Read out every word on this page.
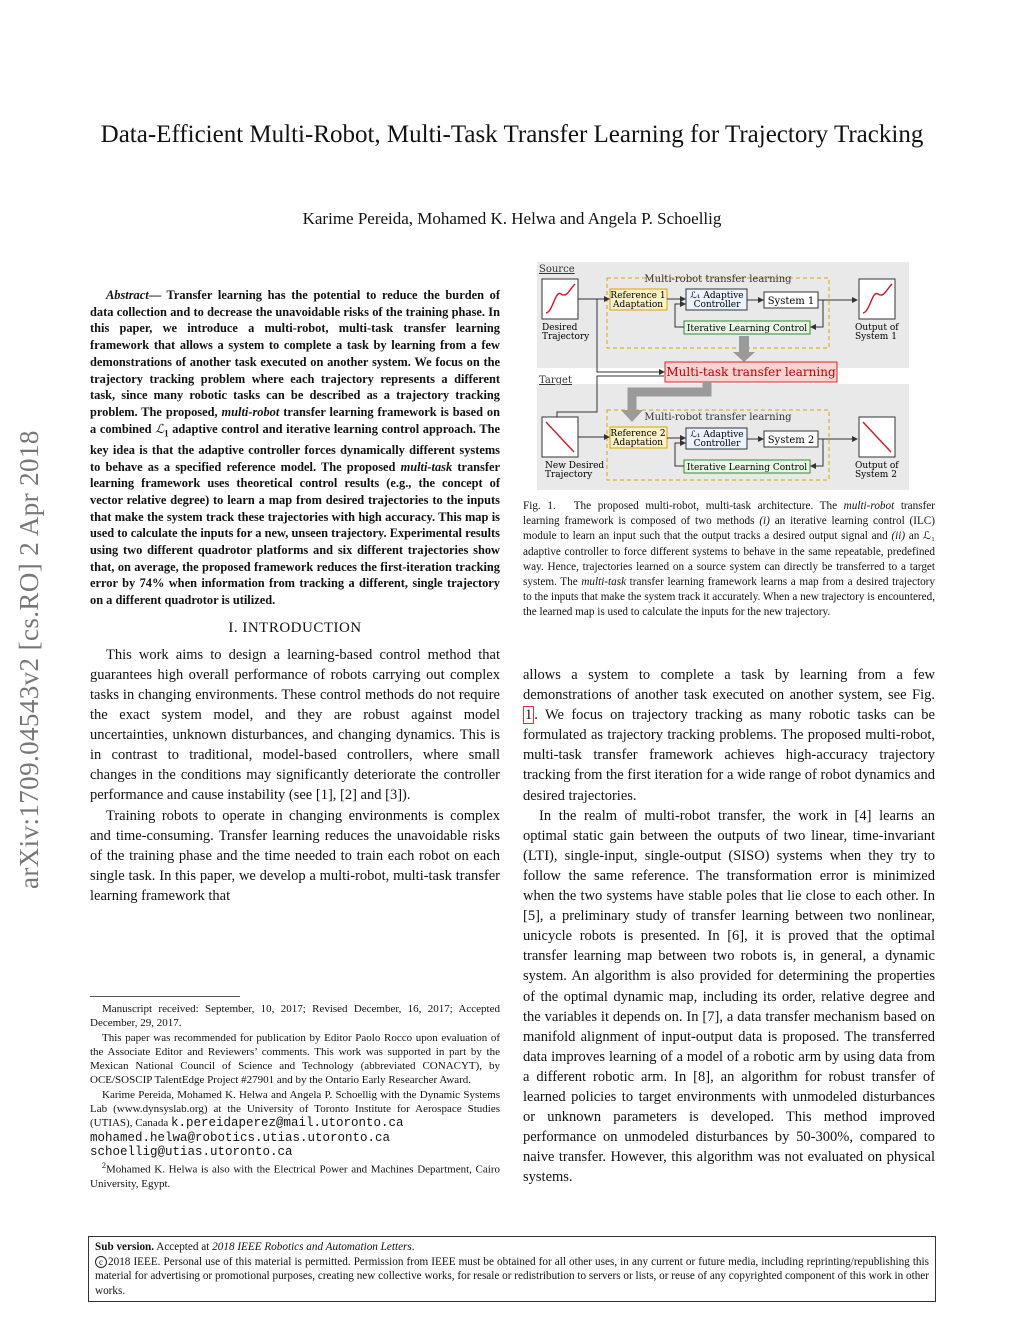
arXiv:1709.04543v2 [cs.RO] 2 Apr 2018
Data-Efficient Multi-Robot, Multi-Task Transfer Learning for Trajectory Tracking
Karime Pereida, Mohamed K. Helwa and Angela P. Schoellig

Abstract— Transfer learning has the potential to reduce the burden of data collection and to decrease the unavoidable risks of the training phase. In this paper, we introduce a multi-robot, multi-task transfer learning framework that allows a system to complete a task by learning from a few demonstrations of another task executed on another system. We focus on the trajectory tracking problem where each trajectory represents a different task, since many robotic tasks can be described as a trajectory tracking problem. The proposed, multi-robot transfer learning framework is based on a combined ℒ$_1$ adaptive control and iterative learning control approach. The key idea is that the adaptive controller forces dynamically different systems to behave as a specified reference model. The proposed multi-task transfer learning framework uses theoretical control results (e.g., the concept of vector relative degree) to learn a map from desired trajectories to the inputs that make the system track these trajectories with high accuracy. This map is used to calculate the inputs for a new, unseen trajectory. Experimental results using two different quadrotor platforms and six different trajectories show that, on average, the proposed framework reduces the first-iteration tracking error by 74% when information from tracking a different, single trajectory on a different quadrotor is utilized.

I. INTRODUCTION

This work aims to design a learning-based control method that guarantees high overall performance of robots carrying out complex tasks in changing environments. These control methods do not require the exact system model, and they are robust against model uncertainties, unknown disturbances, and changing dynamics. This is in contrast to traditional, model-based controllers, where small changes in the conditions may significantly deteriorate the controller performance and cause instability (see [1], [2] and [3]).

Training robots to operate in changing environments is complex and time-consuming. Transfer learning reduces the unavoidable risks of the training phase and the time needed to train each robot on each single task. In this paper, we develop a multi-robot, multi-task transfer learning framework that

Manuscript received: September, 10, 2017; Revised December, 16, 2017; Accepted December, 29, 2017.

This paper was recommended for publication by Editor Paolo Rocco upon evaluation of the Associate Editor and Reviewers’ comments. This work was supported in part by the Mexican National Council of Science and Technology (abbreviated CONACYT), by OCE/SOSCIP TalentEdge Project #27901 and by the Ontario Early Researcher Award.

Karime Pereida, Mohamed K. Helwa and Angela P. Schoellig with the Dynamic Systems Lab (www.dynsyslab.org) at the University of Toronto Institute for Aerospace Studies (UTIAS), Canada k.pereidaperez@mail.utoronto.ca
mohamed.helwa@robotics.utias.utoronto.ca
schoellig@utias.utoronto.ca

$^2$Mohamed K. Helwa is also with the Electrical Power and Machines Department, Cairo University, Egypt.

Source
Target
Multi-robot transfer learning
Desired
Trajectory
Reference 1
Adaptation
ℒ₁ Adaptive
Controller	System 1
Iterative Learning Control	Output of
System 1
Multi-task transfer learning
Multi-robot transfer learning
New Desired
Trajectory
Reference 2
Adaptation
ℒ₁ Adaptive
Controller	System 2
Iterative Learning Control	Output of
System 2

Fig. 1. The proposed multi-robot, multi-task architecture. The multi-robot transfer learning framework is composed of two methods (i) an iterative learning control (ILC) module to learn an input such that the output tracks a desired output signal and (ii) an ℒ₁ adaptive controller to force different systems to behave in the same repeatable, predefined way. Hence, trajectories learned on a source system can directly be transferred to a target system. The multi-task transfer learning framework learns a map from a desired trajectory to the inputs that make the system track it accurately. When a new trajectory is encountered, the learned map is used to calculate the inputs for the new trajectory.

allows a system to complete a task by learning from a few demonstrations of another task executed on another system, see Fig. 1 . We focus on trajectory tracking as many robotic tasks can be formulated as trajectory tracking problems. The proposed multi-robot, multi-task transfer framework achieves high-accuracy trajectory tracking from the first iteration for a wide range of robot dynamics and desired trajectories.

In the realm of multi-robot transfer, the work in [4] learns an optimal static gain between the outputs of two linear, time-invariant (LTI), single-input, single-output (SISO) systems when they try to follow the same reference. The transformation error is minimized when the two systems have stable poles that lie close to each other. In [5], a preliminary study of transfer learning between two nonlinear, unicycle robots is presented. In [6], it is proved that the optimal transfer learning map between two robots is, in general, a dynamic system. An algorithm is also provided for determining the properties of the optimal dynamic map, including its order, relative degree and the variables it depends on. In [7], a data transfer mechanism based on manifold alignment of input-output data is proposed. The transferred data improves learning of a model of a robotic arm by using data from a different robotic arm. In [8], an algorithm for robust transfer of learned policies to target environments with unmodeled disturbances or unknown parameters is developed. This method improved performance on unmodeled disturbances by 50-300%, compared to naive transfer. However, this algorithm was not evaluated on physical systems.

Sub version. Accepted at 2018 IEEE Robotics and Automation Letters.
c 2018 IEEE. Personal use of this material is permitted. Permission from IEEE must be obtained for all other uses, in any current or future media, including reprinting/republishing this material for advertising or promotional purposes, creating new collective works, for resale or redistribution to servers or lists, or reuse of any copyrighted component of this work in other works.
